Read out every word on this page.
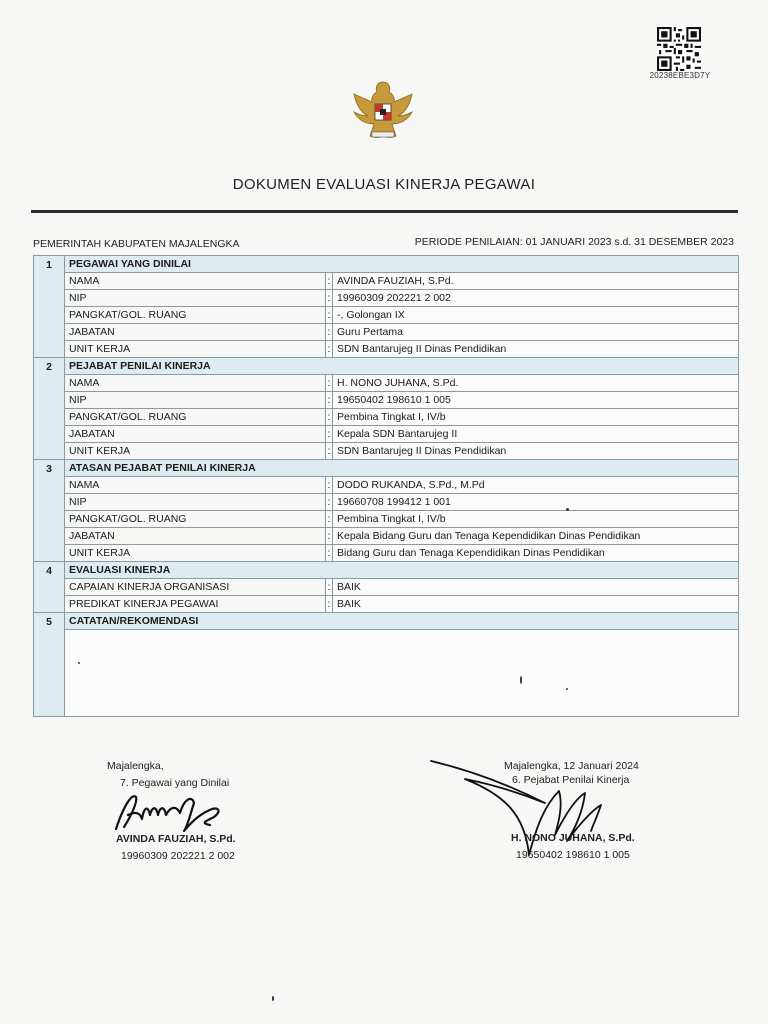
20238EBE3D7Y
DOKUMEN EVALUASI KINERJA PEGAWAI
PEMERINTAH KABUPATEN MAJALENGKA	PERIODE PENILAIAN: 01 JANUARI 2023 s.d. 31 DESEMBER 2023
1	PEGAWAI YANG DINILAI		
	NAMA	:	AVINDA FAUZIAH, S.Pd.
	NIP	:	19960309 202221 2 002
	PANGKAT/GOL. RUANG	:	-, Golongan IX
	JABATAN	:	Guru Pertama
	UNIT KERJA	:	SDN Bantarujeg II Dinas Pendidikan
2	PEJABAT PENILAI KINERJA		
	NAMA	:	H. NONO JUHANA, S.Pd.
	NIP	:	19650402 198610 1 005
	PANGKAT/GOL. RUANG	:	Pembina Tingkat I, IV/b
	JABATAN	:	Kepala SDN Bantarujeg II
	UNIT KERJA	:	SDN Bantarujeg II Dinas Pendidikan
3	ATASAN PEJABAT PENILAI KINERJA		
	NAMA	:	DODO RUKANDA, S.Pd., M.Pd
	NIP	:	19660708 199412 1 001
	PANGKAT/GOL. RUANG	:	Pembina Tingkat I, IV/b
	JABATAN	:	Kepala Bidang Guru dan Tenaga Kependidikan Dinas Pendidikan
	UNIT KERJA	:	Bidang Guru dan Tenaga Kependidikan Dinas Pendidikan
4	EVALUASI KINERJA		
	CAPAIAN KINERJA ORGANISASI	:	BAIK
	PREDIKAT KINERJA PEGAWAI	:	BAIK
5	CATATAN/REKOMENDASI		

Majalengka,
7. Pegawai yang Dinilai
AVINDA FAUZIAH, S.Pd.
19960309 202221 2 002
Majalengka, 12 Januari 2024
6. Pejabat Penilai Kinerja
H. NONO JUHANA, S.Pd.
19650402 198610 1 005
